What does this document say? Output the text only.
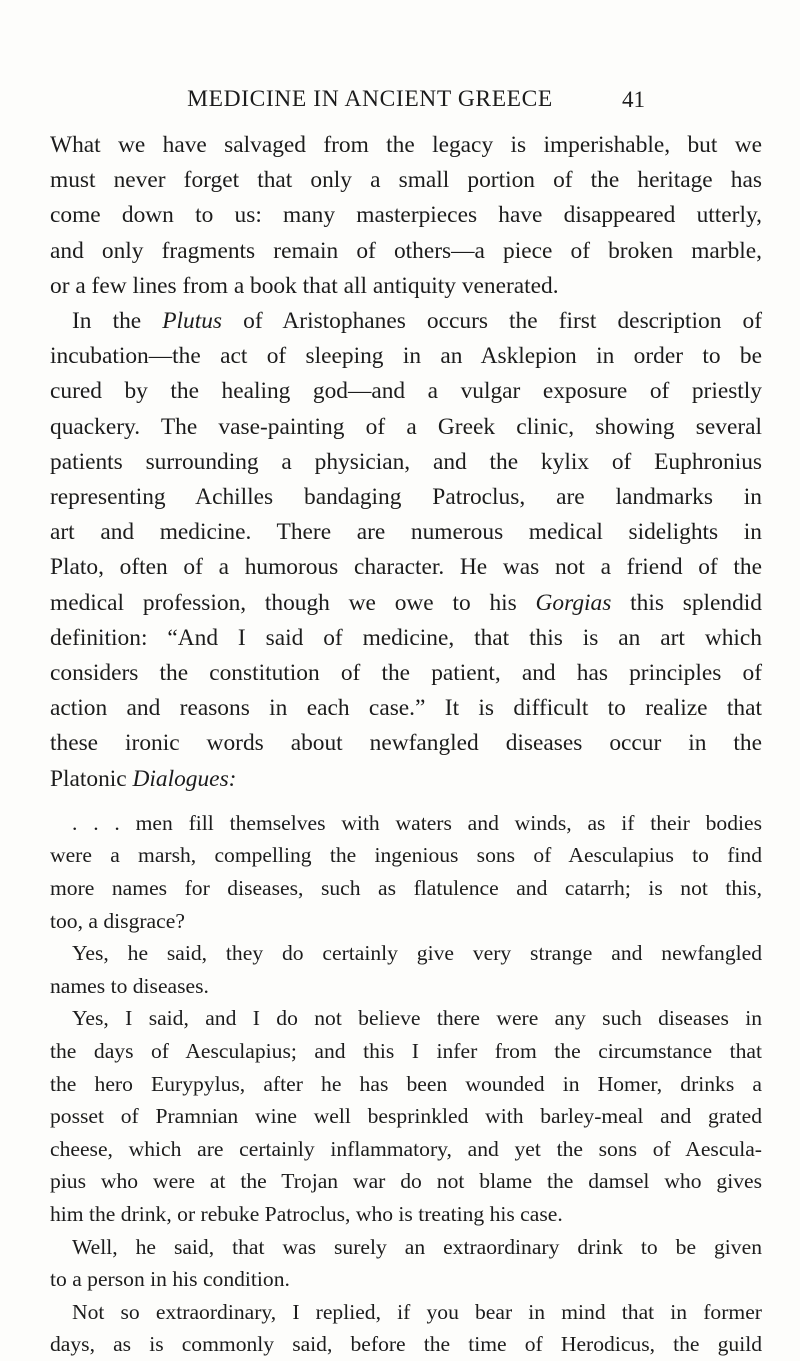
MEDICINE IN ANCIENT GREECE	41
What we have salvaged from the legacy is imperishable, but we
must never forget that only a small portion of the heritage has
come down to us: many masterpieces have disappeared utterly,
and only fragments remain of others—a piece of broken marble,
or a few lines from a book that all antiquity venerated.
In the Plutus of Aristophanes occurs the first description of
incubation—the act of sleeping in an Asklepion in order to be
cured by the healing god—and a vulgar exposure of priestly
quackery. The vase-painting of a Greek clinic, showing several
patients surrounding a physician, and the kylix of Euphronius
representing Achilles bandaging Patroclus, are landmarks in
art and medicine. There are numerous medical sidelights in
Plato, often of a humorous character. He was not a friend of the
medical profession, though we owe to his Gorgias this splendid
definition: “And I said of medicine, that this is an art which
considers the constitution of the patient, and has principles of
action and reasons in each case.” It is difficult to realize that
these ironic words about newfangled diseases occur in the
Platonic Dialogues:
. . . men fill themselves with waters and winds, as if their bodies
were a marsh, compelling the ingenious sons of Aesculapius to find
more names for diseases, such as flatulence and catarrh; is not this,
too, a disgrace?
Yes, he said, they do certainly give very strange and newfangled
names to diseases.
Yes, I said, and I do not believe there were any such diseases in
the days of Aesculapius; and this I infer from the circumstance that
the hero Eurypylus, after he has been wounded in Homer, drinks a
posset of Pramnian wine well besprinkled with barley-meal and grated
cheese, which are certainly inflammatory, and yet the sons of Aescula-
pius who were at the Trojan war do not blame the damsel who gives
him the drink, or rebuke Patroclus, who is treating his case.
Well, he said, that was surely an extraordinary drink to be given
to a person in his condition.
Not so extraordinary, I replied, if you bear in mind that in former
days, as is commonly said, before the time of Herodicus, the guild
